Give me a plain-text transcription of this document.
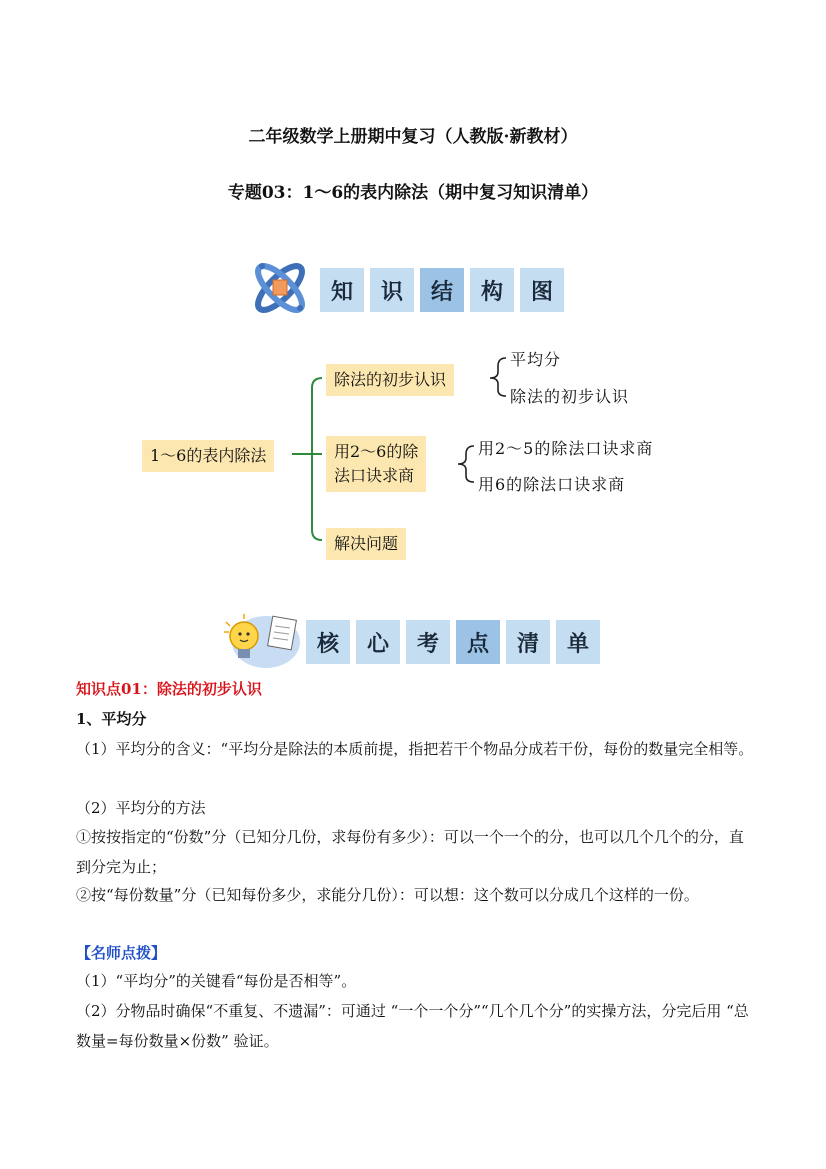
二年级数学上册期中复习（人教版·新教材）
专题03：1～6的表内除法（期中复习知识清单）
知	识	结	构	图
1～6的表内除法
除法的初步认识
平均分
除法的初步认识
用2～6的除
法口诀求商
用2～5的除法口诀求商
用6的除法口诀求商
解决问题
核	心	考	点	清	单
知识点01：除法的初步认识
1、平均分
（1）平均分的含义：“平均分是除法的本质前提，指把若干个物品分成若干份，每份的数量完全相等。
（2）平均分的方法
①按按指定的“份数”分（已知分几份，求每份有多少）：可以一个一个的分，也可以几个几个的分，直到分完为止；
②按“每份数量”分（已知每份多少，求能分几份）：可以想：这个数可以分成几个这样的一份。
【名师点拨】
（1）“平均分”的关键看“每份是否相等”。
（2）分物品时确保“不重复、不遗漏”：可通过 “一个一个分”“几个几个分”的实操方法，分完后用 “总数量=每份数量×份数” 验证。
